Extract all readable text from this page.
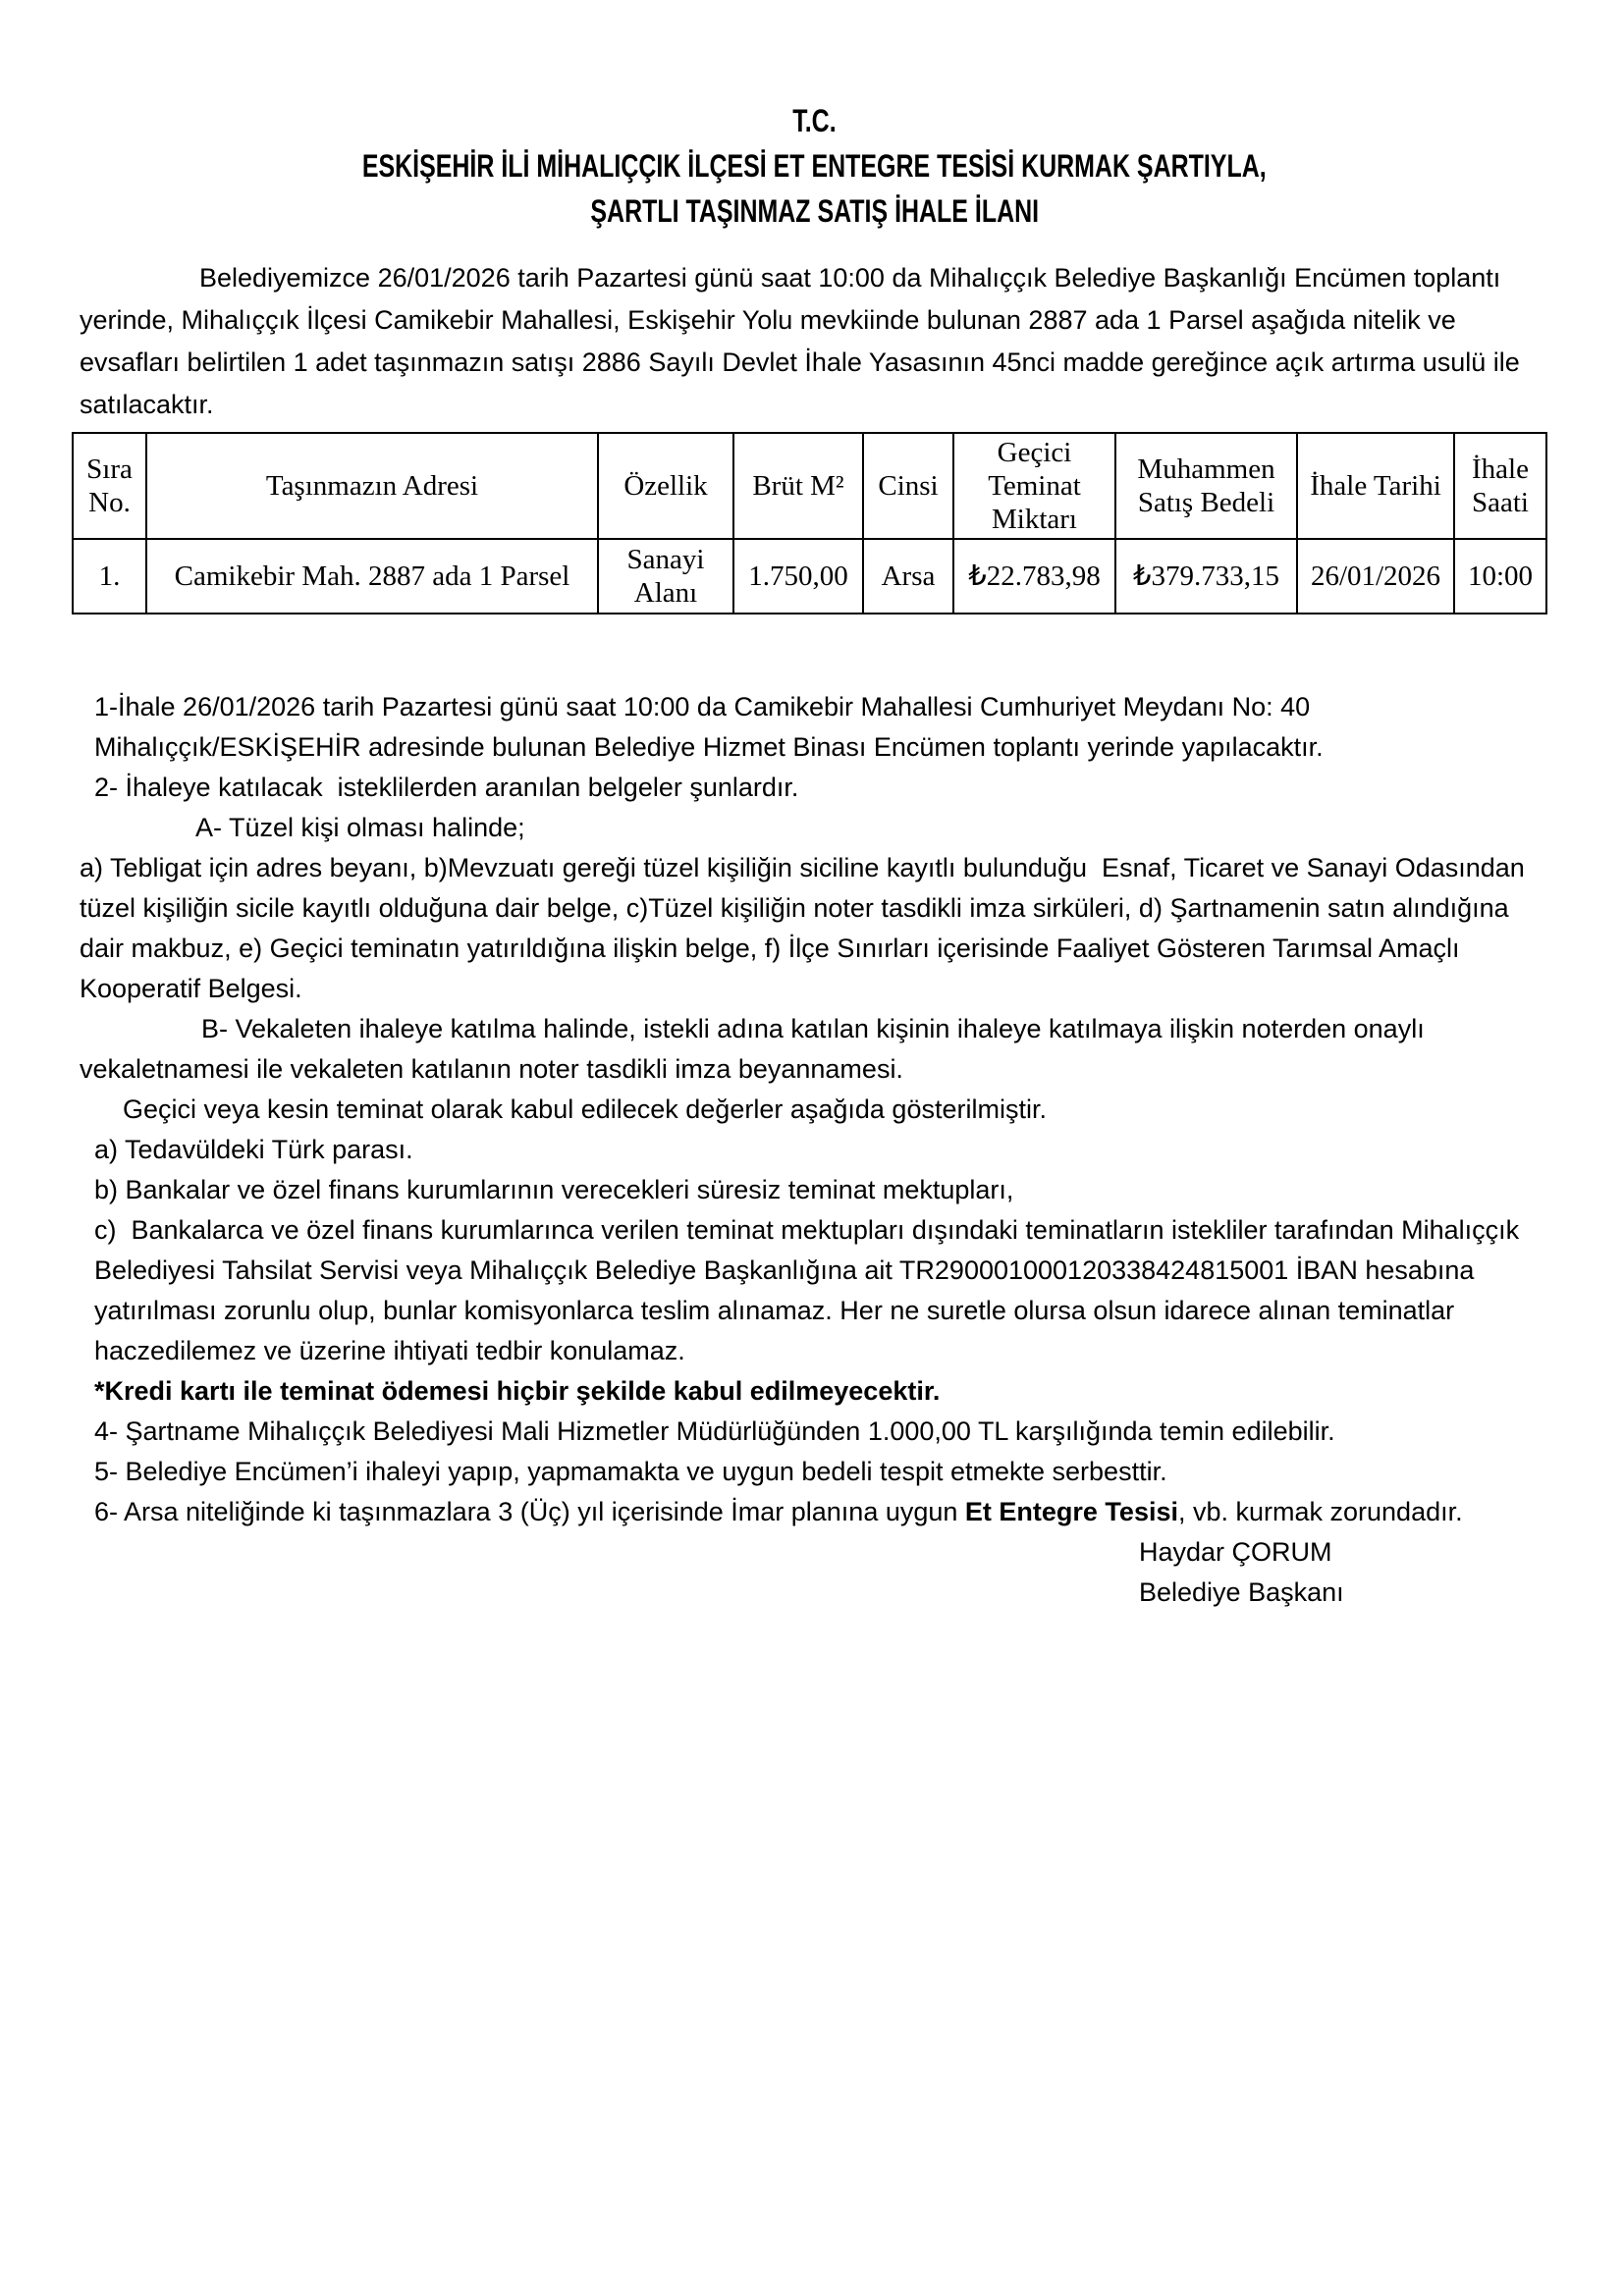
T.C.
ESKİŞEHİR İLİ MİHALIÇÇIK İLÇESİ ET ENTEGRE TESİSİ KURMAK ŞARTIYLA,
ŞARTLI TAŞINMAZ SATIŞ İHALE İLANI

Belediyemizce 26/01/2026 tarih Pazartesi günü saat 10:00 da Mihalıççık Belediye Başkanlığı Encümen toplantı yerinde, Mihalıççık İlçesi Camikebir Mahallesi, Eskişehir Yolu mevkiinde bulunan 2887 ada 1 Parsel aşağıda nitelik ve evsafları belirtilen 1 adet taşınmazın satışı 2886 Sayılı Devlet İhale Yasasının 45nci madde gereğince açık artırma usulü ile satılacaktır.

Sıra No.	Taşınmazın Adresi	Özellik	Brüt M²	Cinsi	Geçici Teminat Miktarı	Muhammen Satış Bedeli	İhale Tarihi	İhale Saati
1.	Camikebir Mah. 2887 ada 1 Parsel	Sanayi Alanı	1.750,00	Arsa	₺22.783,98	₺379.733,15	26/01/2026	10:00

1-İhale 26/01/2026 tarih Pazartesi günü saat 10:00 da Camikebir Mahallesi Cumhuriyet Meydanı No: 40 Mihalıççık/ESKİŞEHİR adresinde bulunan Belediye Hizmet Binası Encümen toplantı yerinde yapılacaktır.

2- İhaleye katılacak  isteklilerden aranılan belgeler şunlardır.

A- Tüzel kişi olması halinde;

a) Tebligat için adres beyanı, b)Mevzuatı gereği tüzel kişiliğin siciline kayıtlı bulunduğu  Esnaf, Ticaret ve Sanayi Odasından  tüzel kişiliğin sicile kayıtlı olduğuna dair belge, c)Tüzel kişiliğin noter tasdikli imza sirküleri, d) Şartnamenin satın alındığına dair makbuz, e) Geçici teminatın yatırıldığına ilişkin belge, f) İlçe Sınırları içerisinde Faaliyet Gösteren Tarımsal Amaçlı Kooperatif Belgesi.

B- Vekaleten ihaleye katılma halinde, istekli adına katılan kişinin ihaleye katılmaya ilişkin noterden onaylı vekaletnamesi ile vekaleten katılanın noter tasdikli imza beyannamesi.

Geçici veya kesin teminat olarak kabul edilecek değerler aşağıda gösterilmiştir.

a) Tedavüldeki Türk parası.

b) Bankalar ve özel finans kurumlarının verecekleri süresiz teminat mektupları,

c)  Bankalarca ve özel finans kurumlarınca verilen teminat mektupları dışındaki teminatların istekliler tarafından Mihalıççık Belediyesi Tahsilat Servisi veya Mihalıççık Belediye Başkanlığına ait TR290001000120338424815001 İBAN hesabına yatırılması zorunlu olup, bunlar komisyonlarca teslim alınamaz. Her ne suretle olursa olsun idarece alınan teminatlar haczedilemez ve üzerine ihtiyati tedbir konulamaz.

*Kredi kartı ile teminat ödemesi hiçbir şekilde kabul edilmeyecektir.

4- Şartname Mihalıççık Belediyesi Mali Hizmetler Müdürlüğünden 1.000,00 TL karşılığında temin edilebilir.

5- Belediye Encümen’i ihaleyi yapıp, yapmamakta ve uygun bedeli tespit etmekte serbesttir.

6- Arsa niteliğinde ki taşınmazlara 3 (Üç) yıl içerisinde İmar planına uygun Et Entegre Tesisi, vb. kurmak zorundadır.

Haydar ÇORUM
Belediye Başkanı
